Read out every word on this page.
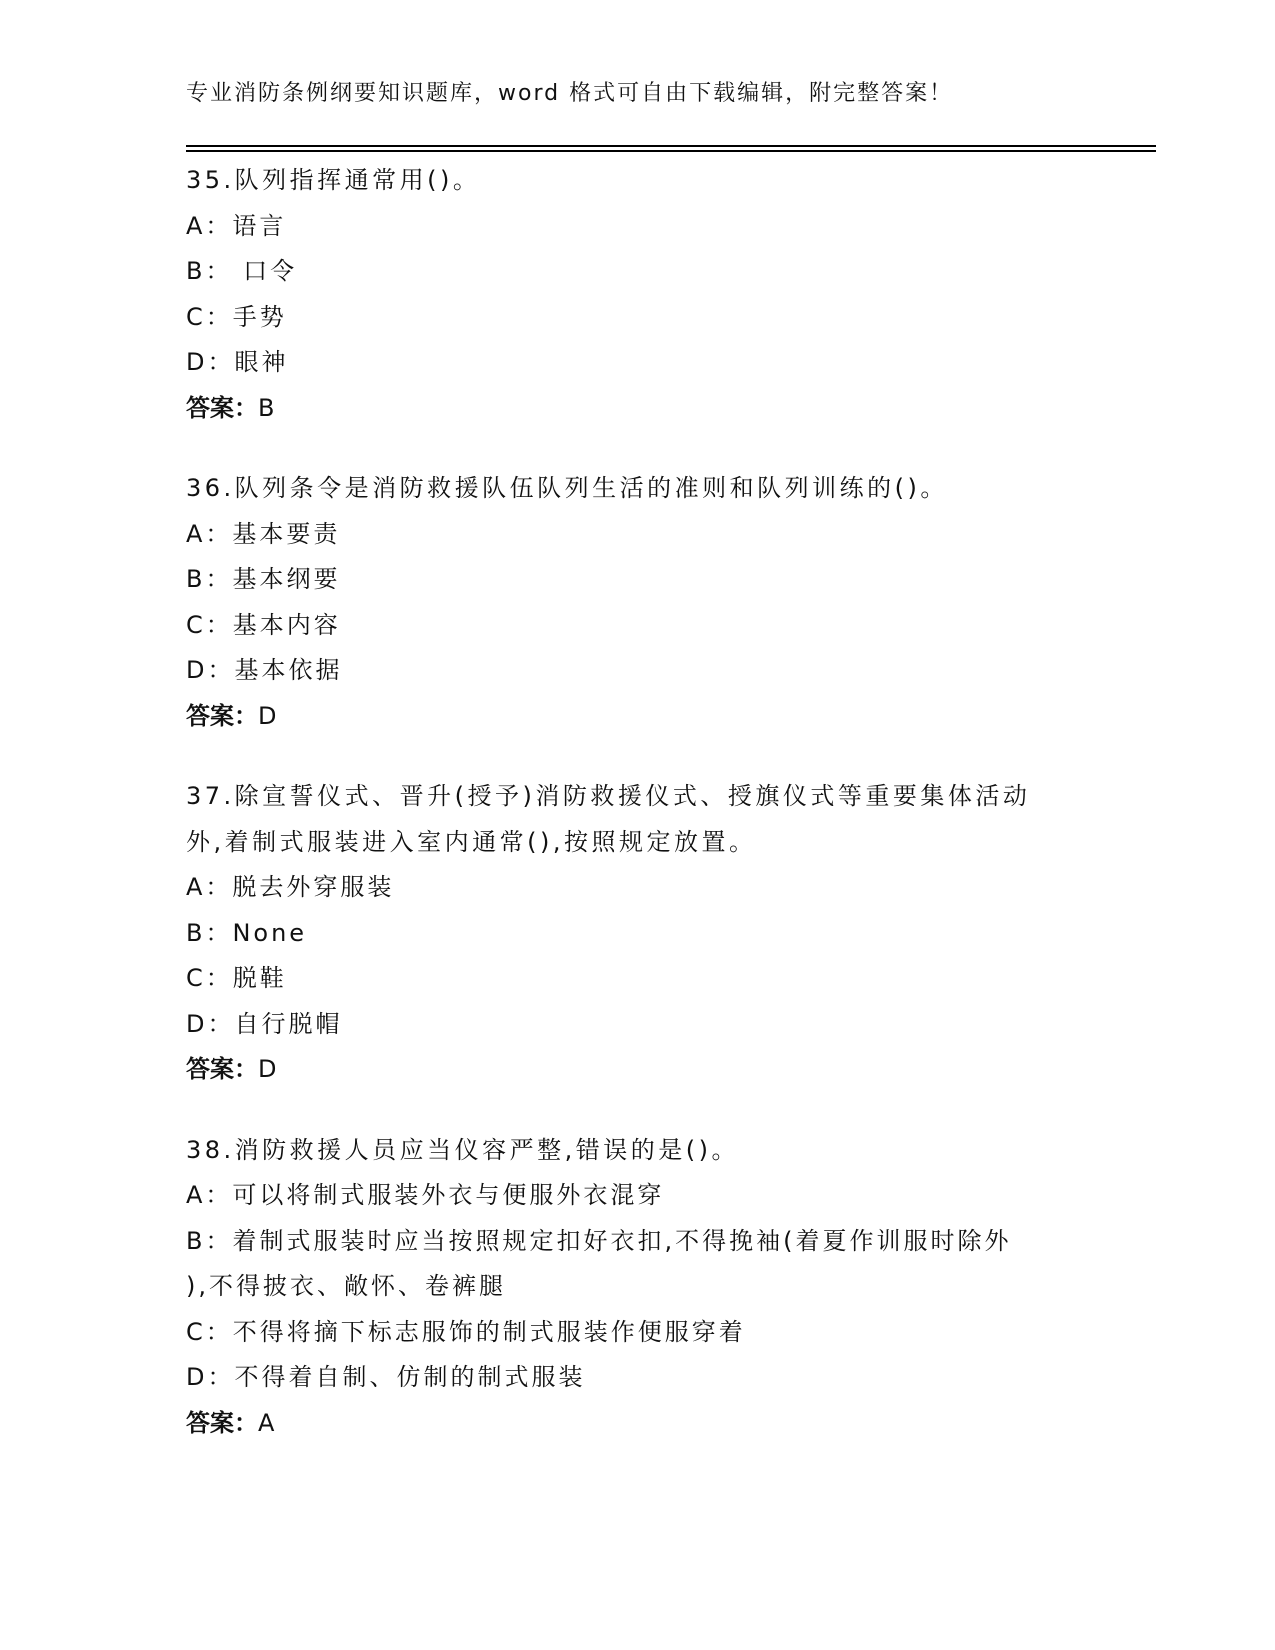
专业消防条例纲要知识题库，word 格式可自由下载编辑，附完整答案！
35.队列指挥通常用()。
A：语言
B： 口令
C：手势
D：眼神
答案：B
36.队列条令是消防救援队伍队列生活的准则和队列训练的()。
A：基本要责
B：基本纲要
C：基本内容
D：基本依据
答案：D
37.除宣誓仪式、晋升(授予)消防救援仪式、授旗仪式等重要集体活动
外,着制式服装进入室内通常(),按照规定放置。
A：脱去外穿服装
B：None
C：脱鞋
D：自行脱帽
答案：D
38.消防救援人员应当仪容严整,错误的是()。
A：可以将制式服装外衣与便服外衣混穿
B：着制式服装时应当按照规定扣好衣扣,不得挽袖(着夏作训服时除外
),不得披衣、敞怀、卷裤腿
C：不得将摘下标志服饰的制式服装作便服穿着
D：不得着自制、仿制的制式服装
答案：A
